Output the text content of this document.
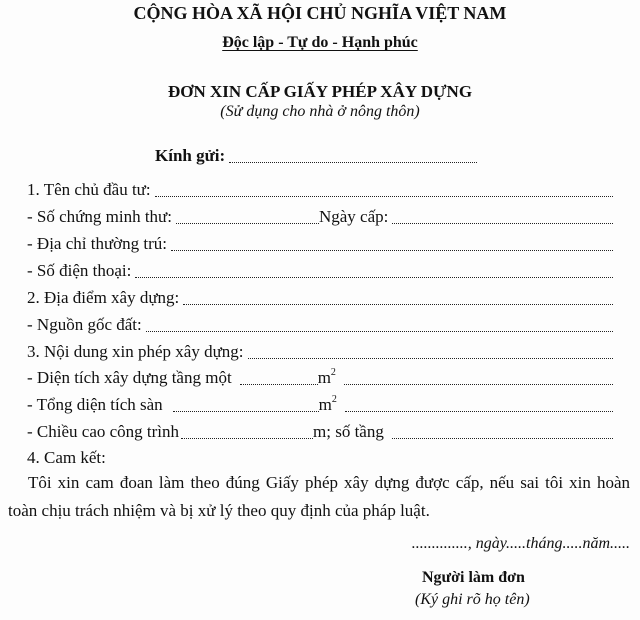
CỘNG HÒA XÃ HỘI CHỦ NGHĨA VIỆT NAM
Độc lập - Tự do - Hạnh phúc
ĐƠN XIN CẤP GIẤY PHÉP XÂY DỰNG
(Sử dụng cho nhà ở nông thôn)
Kính gửi:
1. Tên chủ đầu tư:
- Số chứng minh thư:	Ngày cấp:
- Địa chỉ thường trú:
- Số điện thoại:
2. Địa điểm xây dựng:
- Nguồn gốc đất:
3. Nội dung xin phép xây dựng:
- Diện tích xây dựng tầng một	$m^2$
- Tổng diện tích sàn	$m^2$
- Chiều cao công trình	m; số tầng
4. Cam kết:
Tôi xin cam đoan làm theo đúng Giấy phép xây dựng được cấp, nếu sai tôi xin hoàn toàn chịu trách nhiệm và bị xử lý theo quy định của pháp luật.
.............., ngày.....tháng.....năm.....
Người làm đơn
(Ký ghi rõ họ tên)
